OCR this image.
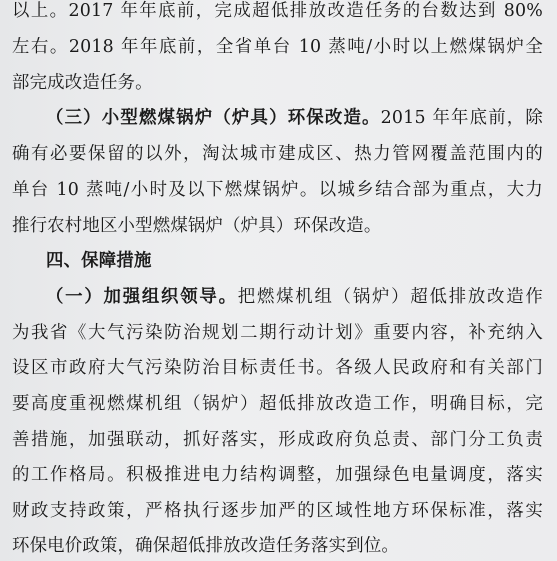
以上。2017 年年底前，完成超低排放改造任务的台数达到 80%
左右。2018 年年底前，全省单台 10 蒸吨/小时以上燃煤锅炉全
部完成改造任务。
（三）小型燃煤锅炉（炉具）环保改造。2015 年年底前，除
确有必要保留的以外，淘汰城市建成区、热力管网覆盖范围内的
单台 10 蒸吨/小时及以下燃煤锅炉。以城乡结合部为重点，大力
推行农村地区小型燃煤锅炉（炉具）环保改造。
四、保障措施
（一）加强组织领导。把燃煤机组（锅炉）超低排放改造作
为我省《大气污染防治规划二期行动计划》重要内容，补充纳入
设区市政府大气污染防治目标责任书。各级人民政府和有关部门
要高度重视燃煤机组（锅炉）超低排放改造工作，明确目标，完
善措施，加强联动，抓好落实，形成政府负总责、部门分工负责
的工作格局。积极推进电力结构调整，加强绿色电量调度，落实
财政支持政策，严格执行逐步加严的区域性地方环保标准，落实
环保电价政策，确保超低排放改造任务落实到位。
